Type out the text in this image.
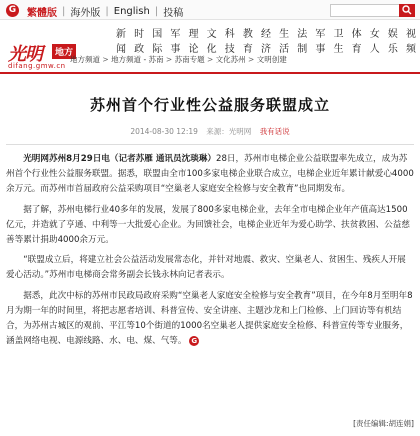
G	繁體版 | 海外版 | English | 投稿
新闻
时政
国际
军事
理论
文化
科技
教育
经济
生活
法制
军事
卫生
体育
女人
娱乐
视频
光明	地方
difang.gmw.cn
地方频道 > 地方频道 - 苏南 > 苏南专题 > 文化苏州 > 文明创建
苏州首个行业性公益服务联盟成立
2014-08-30 12:19 来源：光明网 我有话说

光明网苏州8月29日电（记者苏雁 通讯员沈琰琳）28日，苏州市电梯企业公益联盟率先成立，成为苏州首个行业性公益服务联盟。据悉，联盟由全市100多家电梯企业联合成立，电梯企业近年累计献爱心4000余万元。而苏州市首届政府公益采购项目“空巢老人家庭安全检修与安全教育”也同期发布。

据了解，苏州电梯行业40多年的发展，发展了800多家电梯企业，去年全市电梯企业年产值高达1500亿元，并造就了亨通、中利等一大批爱心企业。为回馈社会，电梯企业近年为爱心助学、扶贫救困、公益慈善等累计捐助4000余万元。

“联盟成立后，将建立社会公益活动发展常态化，并针对地震、救灾、空巢老人、贫困生、残疾人开展爱心活动。”苏州市电梯商会常务副会长钱永林向记者表示。

据悉，此次中标的苏州市民政局政府采购“空巢老人家庭安全检修与安全教育”项目，在今年8月至明年8月为期一年的时间里，将把志愿者培训、科普宣传、安全讲座、主题沙龙和上门检修、上门回访等有机结合，为苏州古城区的观前、平江等10个街道的1000名空巢老人提供家庭安全检修、科普宣传等专业服务，涵盖网络电视、电源线路、水、电、煤、气等。 G

[责任编辑:胡连娟]
